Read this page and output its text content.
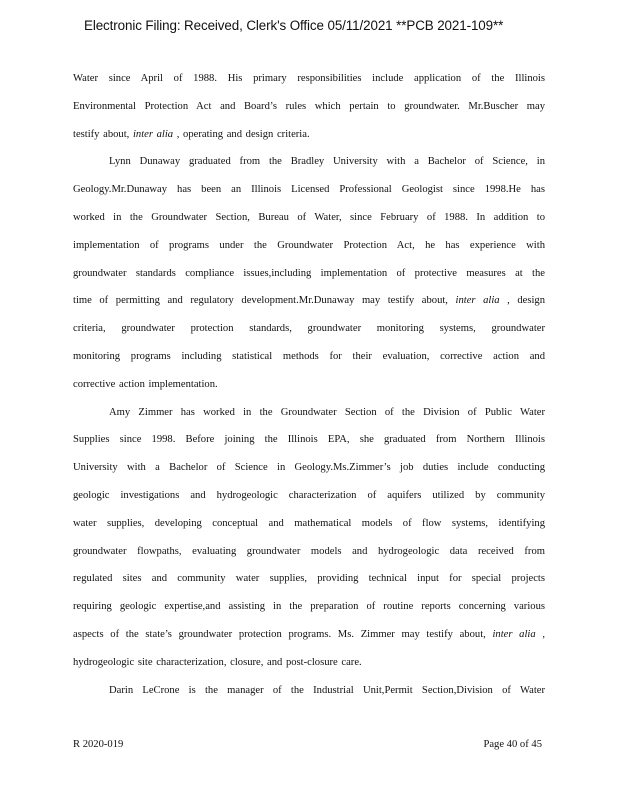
Electronic Filing: Received, Clerk's Office 05/11/2021 **PCB 2021-109**
Water since April of 1988. His primary responsibilities include application of the Illinois
Environmental Protection Act and Board’s rules which pertain to groundwater. Mr.Buscher may
testify about, inter alia , operating and design criteria.
Lynn Dunaway graduated from the Bradley University with a Bachelor of Science, in
Geology.Mr.Dunaway has been an Illinois Licensed Professional Geologist since 1998.He has
worked in the Groundwater Section, Bureau of Water, since February of 1988. In addition to
implementation of programs under the Groundwater Protection Act, he has experience with
groundwater standards compliance issues,including implementation of protective measures at the
time of permitting and regulatory development.Mr.Dunaway may testify about, inter alia , design
criteria, groundwater protection standards, groundwater monitoring systems, groundwater
monitoring programs including statistical methods for their evaluation, corrective action and
corrective action implementation.
Amy Zimmer has worked in the Groundwater Section of the Division of Public Water
Supplies since 1998. Before joining the Illinois EPA, she graduated from Northern Illinois
University with a Bachelor of Science in Geology.Ms.Zimmer’s job duties include conducting
geologic investigations and hydrogeologic characterization of aquifers utilized by community
water supplies, developing conceptual and mathematical models of flow systems, identifying
groundwater flowpaths, evaluating groundwater models and hydrogeologic data received from
regulated sites and community water supplies, providing technical input for special projects
requiring geologic expertise,and assisting in the preparation of routine reports concerning various
aspects of the state’s groundwater protection programs. Ms. Zimmer may testify about, inter alia ,
hydrogeologic site characterization, closure, and post-closure care.
Darin LeCrone is the manager of the Industrial Unit,Permit Section,Division of Water
R 2020-019	Page 40 of 45
